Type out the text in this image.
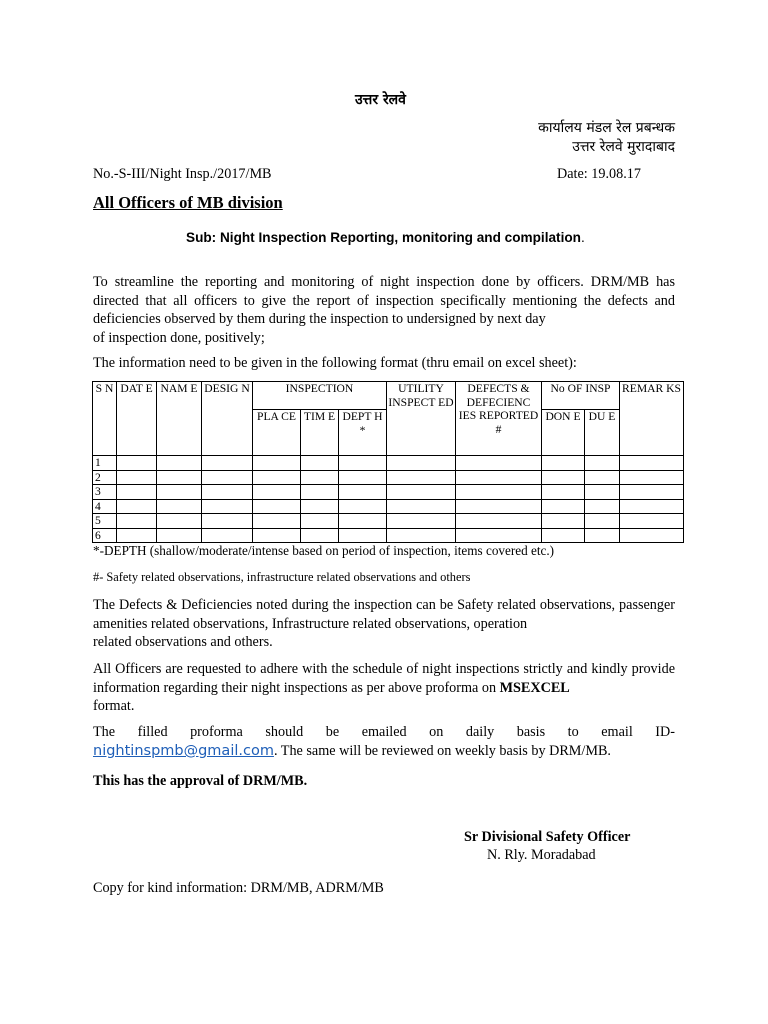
उत्तर रेलवे
कार्यालय मंडल रेल प्रबन्धक
उत्तर रेलवे मुरादाबाद
No.-S-III/Night Insp./2017/MB	Date: 19.08.17
All Officers of MB division
Sub: Night Inspection Reporting, monitoring and compilation.
To streamline the reporting and monitoring of night inspection done by officers. DRM/MB has directed that all officers to give the report of inspection specifically mentioning the defects and deficiencies observed by them during the inspection to undersigned by next day
of inspection done, positively;
The information need to be given in the following format (thru email on excel sheet):
S N	DAT E	NAM E	DESIG N	INSPECTION			UTILITY INSPECT ED	DEFECTS & DEFECIENC IES REPORTED #	No OF INSP		REMAR KS
				PLA CE	TIM E	DEPT H *			DON E	DU E	
1											
2											
3											
4											
5											
6											
*-DEPTH (shallow/moderate/intense based on period of inspection, items covered etc.)
#- Safety related observations, infrastructure related observations and others
The Defects & Deficiencies noted during the inspection can be Safety related observations, passenger amenities related observations, Infrastructure related observations, operation
related observations and others.
All Officers are requested to adhere with the schedule of night inspections strictly and kindly provide information regarding their night inspections as per above proforma on MSEXCEL
format.
The filled proforma should be emailed on daily basis to email ID-
nightinspmb@gmail.com. The same will be reviewed on weekly basis by DRM/MB.
This has the approval of DRM/MB.
Sr Divisional Safety Officer
N. Rly. Moradabad
Copy for kind information: DRM/MB, ADRM/MB
